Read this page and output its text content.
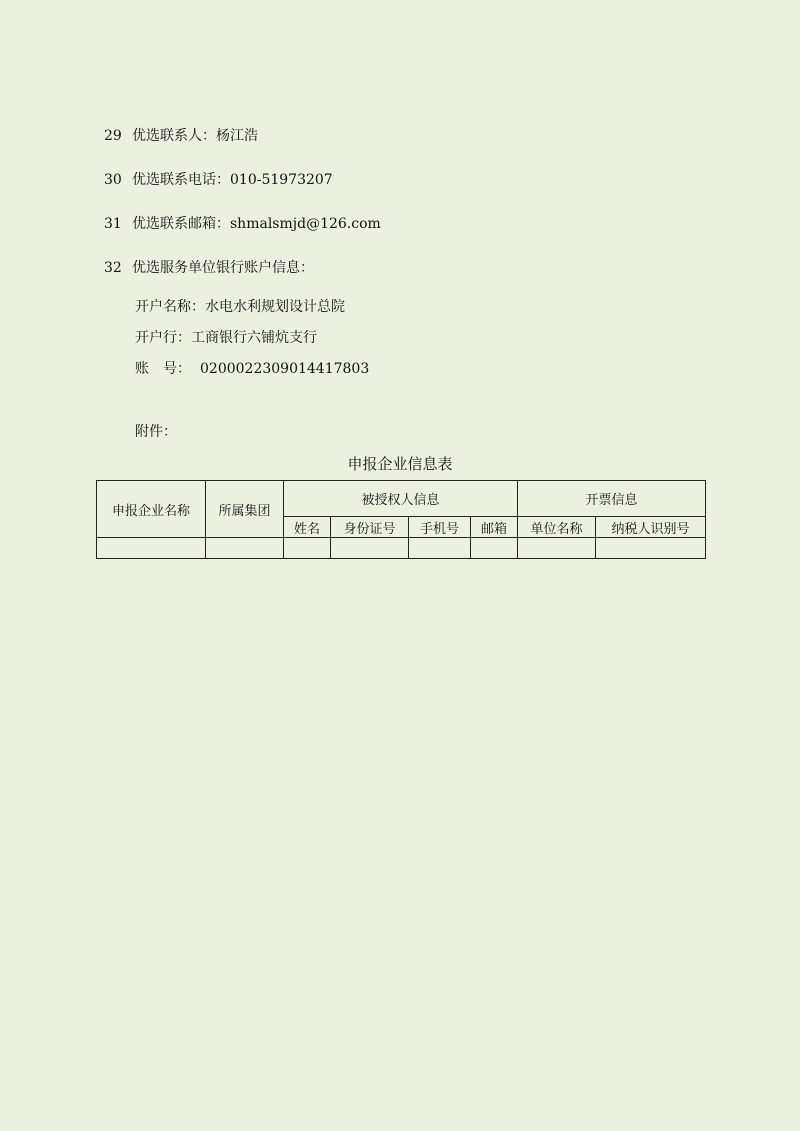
29 优选联系人：杨江浩
30 优选联系电话：010-51973207
31 优选联系邮箱：shmalsmjd@126.com
32 优选服务单位银行账户信息：
开户名称：水电水利规划设计总院
开户行：工商银行六铺炕支行
账　号： 0200022309014417803
附件：
申报企业信息表
申报企业名称	所属集团	被授权人信息				开票信息	
		姓名	身份证号	手机号	邮箱	单位名称	纳税人识别号
